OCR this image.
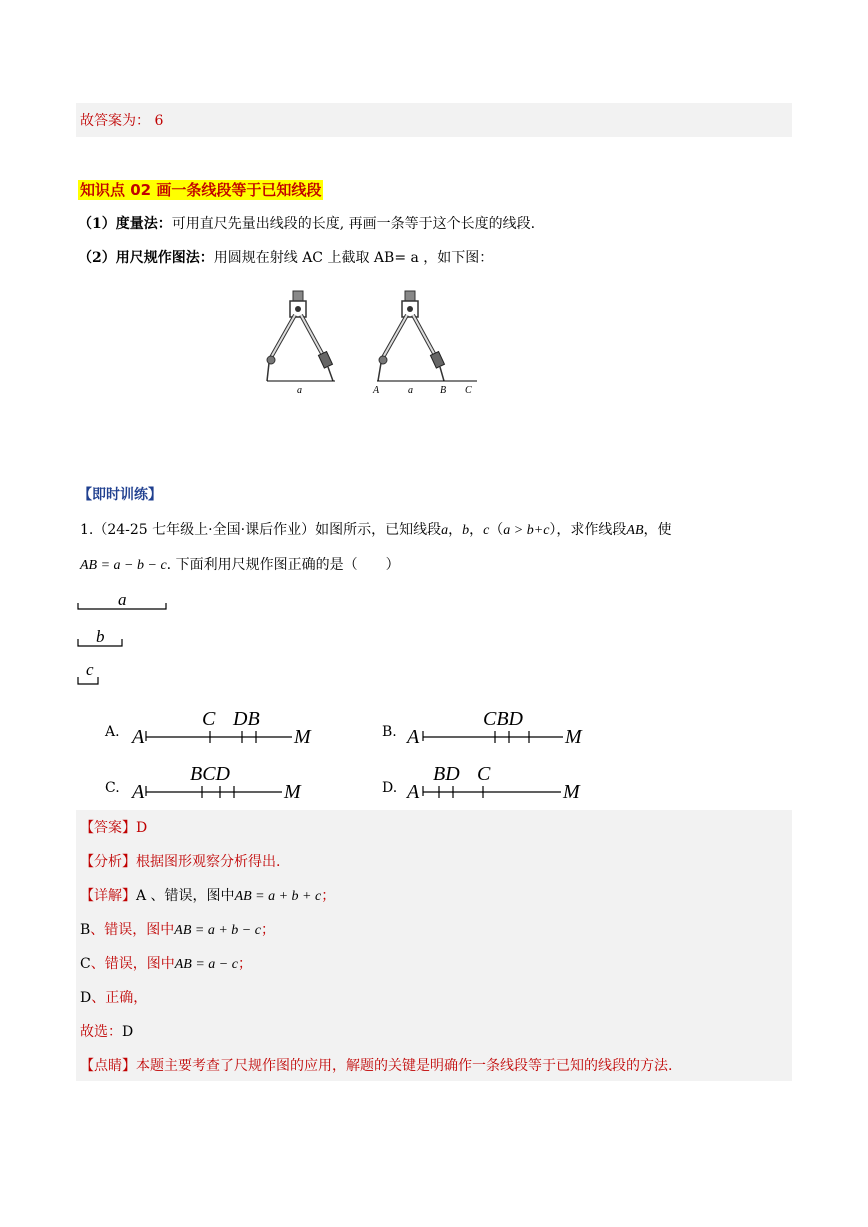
故答案为： 6
知识点 02 画一条线段等于已知线段
（1）度量法：可用直尺先量出线段的长度, 再画一条等于这个长度的线段.
（2）用尺规作图法：用圆规在射线 AC 上截取 AB= a ，如下图：
a	A	a	B C
【即时训练】
1.（24-25 七年级上·全国·课后作业）如图所示，已知线段a，b，c（a > b+c），求作线段AB，使
AB = a − b − c. 下面利用尺规作图正确的是（　　）
a
b
c
A. A	M
C DB
B. A	M
CBD
C. A	M
BCD
D. A	M
BD C
【答案】D
【分析】根据图形观察分析得出.
【详解】A 、错误，图中AB = a + b + c；
B、错误，图中AB = a + b − c；
C、错误，图中AB = a − c；
D、正确，
故选：D
【点睛】本题主要考查了尺规作图的应用，解题的关键是明确作一条线段等于已知的线段的方法.
